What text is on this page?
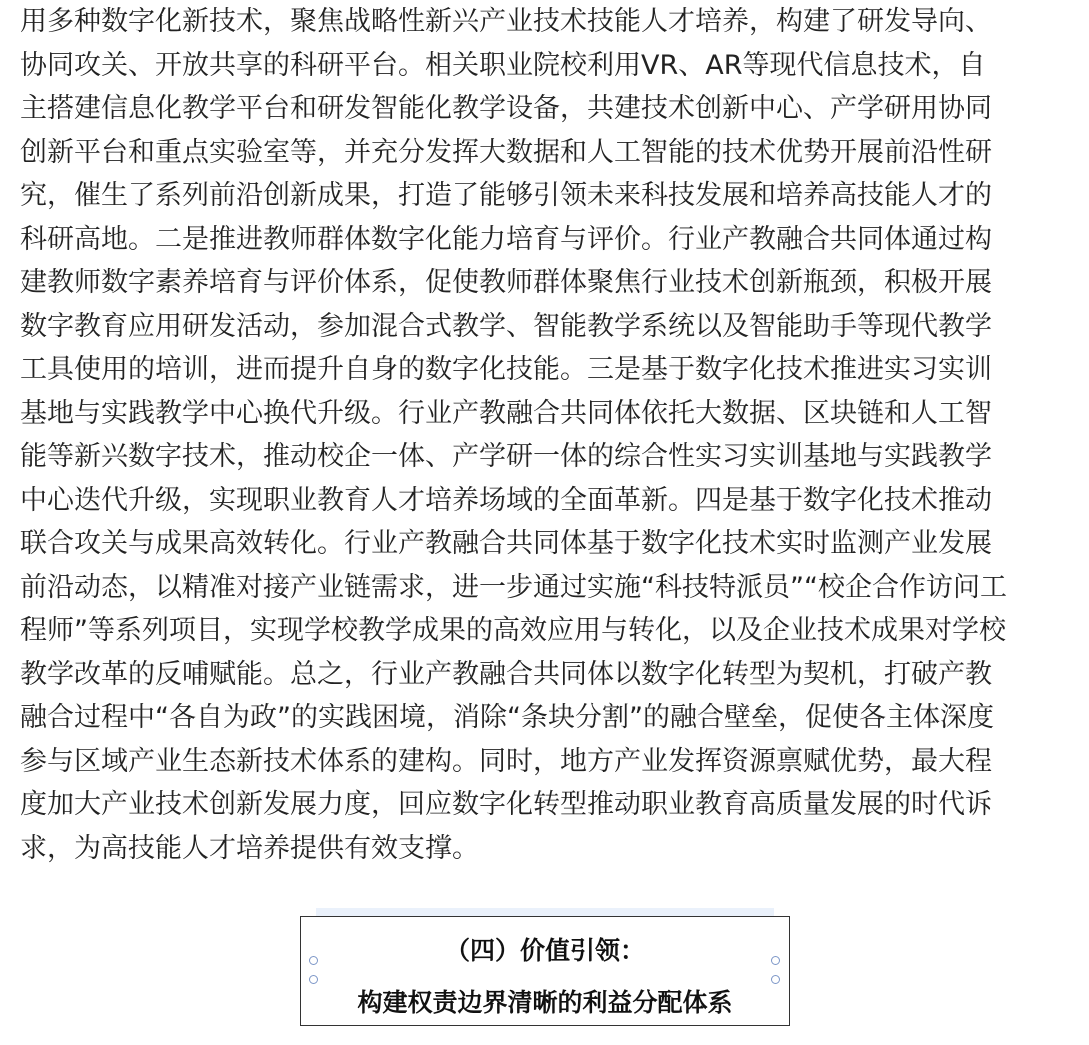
用多种数字化新技术，聚焦战略性新兴产业技术技能人才培养，构建了研发导向、
协同攻关、开放共享的科研平台。相关职业院校利用VR、AR等现代信息技术，自
主搭建信息化教学平台和研发智能化教学设备，共建技术创新中心、产学研用协同
创新平台和重点实验室等，并充分发挥大数据和人工智能的技术优势开展前沿性研
究，催生了系列前沿创新成果，打造了能够引领未来科技发展和培养高技能人才的
科研高地。二是推进教师群体数字化能力培育与评价。行业产教融合共同体通过构
建教师数字素养培育与评价体系，促使教师群体聚焦行业技术创新瓶颈，积极开展
数字教育应用研发活动，参加混合式教学、智能教学系统以及智能助手等现代教学
工具使用的培训，进而提升自身的数字化技能。三是基于数字化技术推进实习实训
基地与实践教学中心换代升级。行业产教融合共同体依托大数据、区块链和人工智
能等新兴数字技术，推动校企一体、产学研一体的综合性实习实训基地与实践教学
中心迭代升级，实现职业教育人才培养场域的全面革新。四是基于数字化技术推动
联合攻关与成果高效转化。行业产教融合共同体基于数字化技术实时监测产业发展
前沿动态，以精准对接产业链需求，进一步通过实施“科技特派员”“校企合作访问工
程师”等系列项目，实现学校教学成果的高效应用与转化，以及企业技术成果对学校
教学改革的反哺赋能。总之，行业产教融合共同体以数字化转型为契机，打破产教
融合过程中“各自为政”的实践困境，消除“条块分割”的融合壁垒，促使各主体深度
参与区域产业生态新技术体系的建构。同时，地方产业发挥资源禀赋优势，最大程
度加大产业技术创新发展力度，回应数字化转型推动职业教育高质量发展的时代诉
求，为高技能人才培养提供有效支撑。
（四）价值引领：
构建权责边界清晰的利益分配体系
